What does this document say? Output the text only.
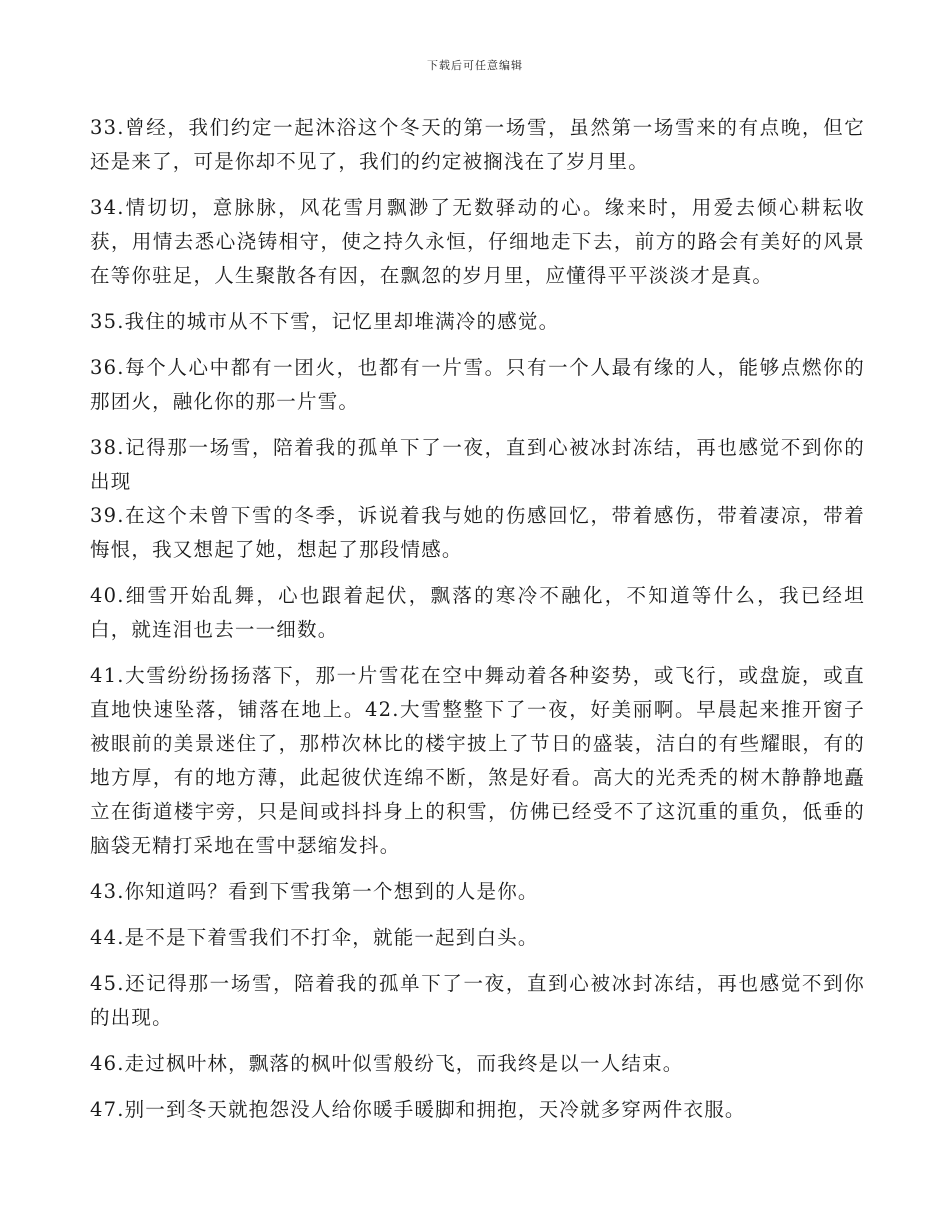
下载后可任意编辑

33.曾经，我们约定一起沐浴这个冬天的第一场雪，虽然第一场雪来的有点晚，但它还是来了，可是你却不见了，我们的约定被搁浅在了岁月里。

34.情切切，意脉脉，风花雪月飘渺了无数驿动的心。缘来时，用爱去倾心耕耘收获，用情去悉心浇铸相守，使之持久永恒，仔细地走下去，前方的路会有美好的风景在等你驻足，人生聚散各有因，在飘忽的岁月里，应懂得平平淡淡才是真。

35.我住的城市从不下雪，记忆里却堆满冷的感觉。

36.每个人心中都有一团火，也都有一片雪。只有一个人最有缘的人，能够点燃你的那团火，融化你的那一片雪。

38.记得那一场雪，陪着我的孤单下了一夜，直到心被冰封冻结，再也感觉不到你的出现

39.在这个未曾下雪的冬季，诉说着我与她的伤感回忆，带着感伤，带着凄凉，带着悔恨，我又想起了她，想起了那段情感。

40.细雪开始乱舞，心也跟着起伏，飘落的寒冷不融化，不知道等什么，我已经坦白，就连泪也去一一细数。

41.大雪纷纷扬扬落下，那一片雪花在空中舞动着各种姿势，或飞行，或盘旋，或直直地快速坠落，铺落在地上。42.大雪整整下了一夜，好美丽啊。早晨起来推开窗子被眼前的美景迷住了，那栉次林比的楼宇披上了节日的盛装，洁白的有些耀眼，有的地方厚，有的地方薄，此起彼伏连绵不断，煞是好看。高大的光秃秃的树木静静地矗立在街道楼宇旁，只是间或抖抖身上的积雪，仿佛已经受不了这沉重的重负，低垂的脑袋无精打采地在雪中瑟缩发抖。

43.你知道吗？看到下雪我第一个想到的人是你。

44.是不是下着雪我们不打伞，就能一起到白头。

45.还记得那一场雪，陪着我的孤单下了一夜，直到心被冰封冻结，再也感觉不到你的出现。

46.走过枫叶林，飘落的枫叶似雪般纷飞，而我终是以一人结束。

47.别一到冬天就抱怨没人给你暖手暖脚和拥抱，天冷就多穿两件衣服。
